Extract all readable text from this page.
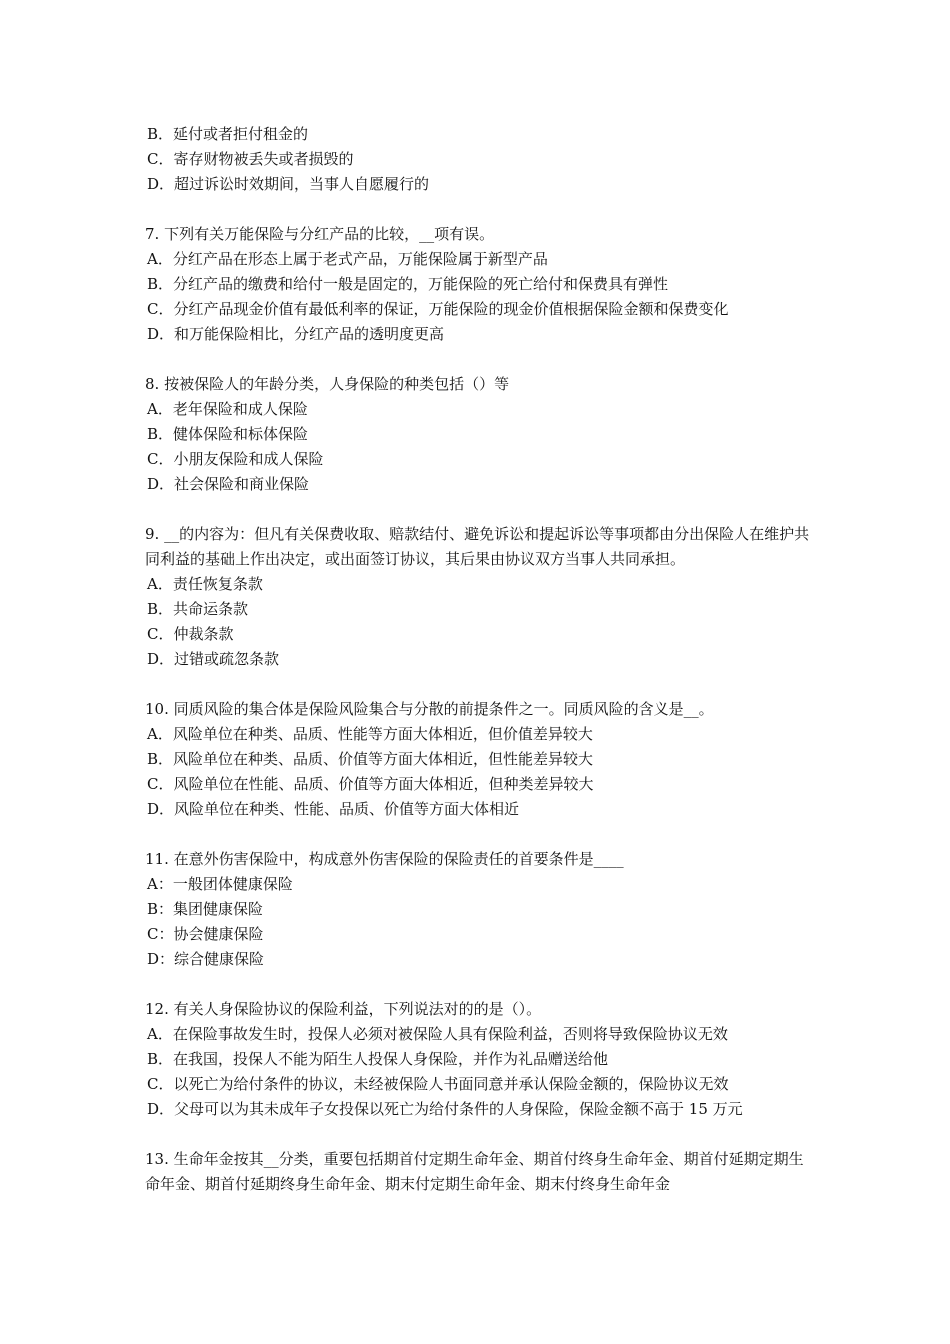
B．延付或者拒付租金的
C．寄存财物被丢失或者损毁的
D．超过诉讼时效期间，当事人自愿履行的
7. 下列有关万能保险与分红产品的比较，__项有误。
A．分红产品在形态上属于老式产品，万能保险属于新型产品
B．分红产品的缴费和给付一般是固定的，万能保险的死亡给付和保费具有弹性
C．分红产品现金价值有最低利率的保证，万能保险的现金价值根据保险金额和保费变化
D．和万能保险相比，分红产品的透明度更高
8. 按被保险人的年龄分类，人身保险的种类包括（）等
A．老年保险和成人保险
B．健体保险和标体保险
C．小朋友保险和成人保险
D．社会保险和商业保险
9. __的内容为：但凡有关保费收取、赔款结付、避免诉讼和提起诉讼等事项都由分出保险人在维护共同利益的基础上作出决定，或出面签订协议，其后果由协议双方当事人共同承担。
A．责任恢复条款
B．共命运条款
C．仲裁条款
D．过错或疏忽条款
10. 同质风险的集合体是保险风险集合与分散的前提条件之一。同质风险的含义是__。
A．风险单位在种类、品质、性能等方面大体相近，但价值差异较大
B．风险单位在种类、品质、价值等方面大体相近，但性能差异较大
C．风险单位在性能、品质、价值等方面大体相近，但种类差异较大
D．风险单位在种类、性能、品质、价值等方面大体相近
11. 在意外伤害保险中，构成意外伤害保险的保险责任的首要条件是____
A：一般团体健康保险
B：集团健康保险
C：协会健康保险
D：综合健康保险
12. 有关人身保险协议的保险利益，下列说法对的的是（）。
A．在保险事故发生时，投保人必须对被保险人具有保险利益，否则将导致保险协议无效
B．在我国，投保人不能为陌生人投保人身保险，并作为礼品赠送给他
C．以死亡为给付条件的协议，未经被保险人书面同意并承认保险金额的，保险协议无效
D．父母可以为其未成年子女投保以死亡为给付条件的人身保险，保险金额不高于 15 万元
13. 生命年金按其__分类，重要包括期首付定期生命年金、期首付终身生命年金、期首付延期定期生命年金、期首付延期终身生命年金、期末付定期生命年金、期末付终身生命年金
